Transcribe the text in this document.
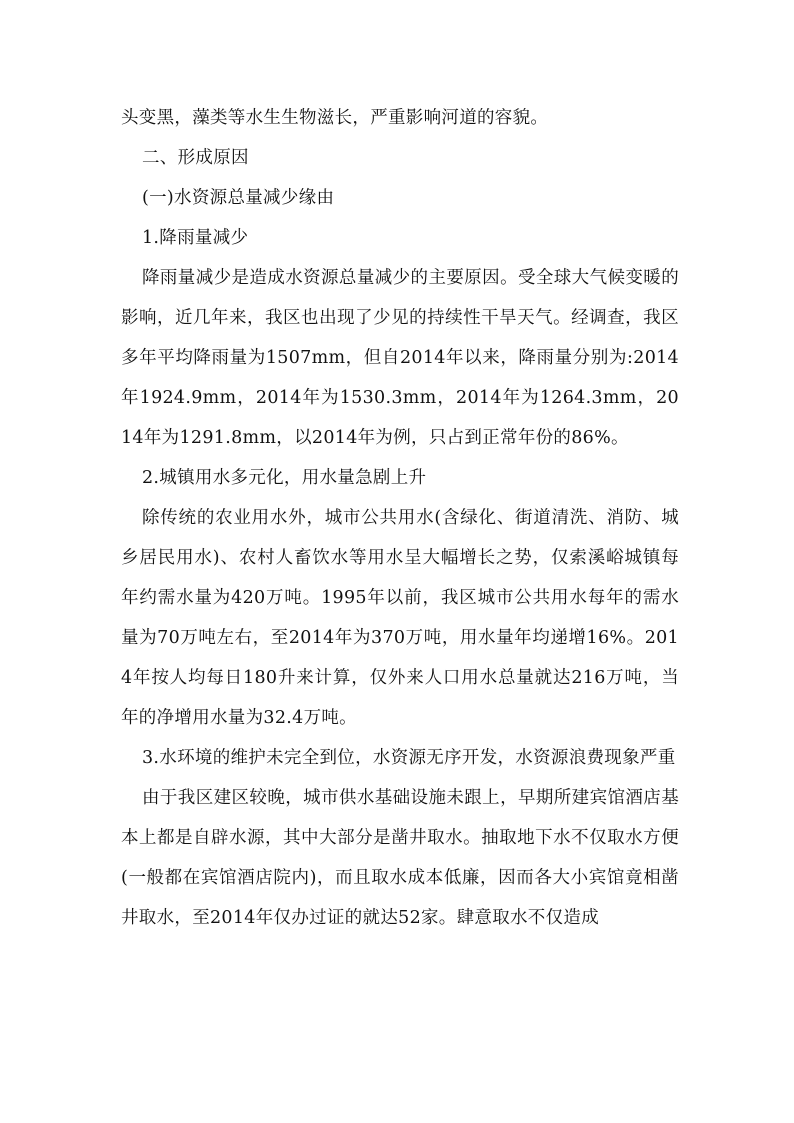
头变黑，藻类等水生生物滋长，严重影响河道的容貌。

二、形成原因

(一)水资源总量减少缘由

1.降雨量减少

降雨量减少是造成水资源总量减少的主要原因。受全球大气候变暖的影响，近几年来，我区也出现了少见的持续性干旱天气。经调查，我区多年平均降雨量为1507mm，但自2014年以来，降雨量分别为:2014年1924.9mm，2014年为1530.3mm，2014年为1264.3mm，2014年为1291.8mm，以2014年为例，只占到正常年份的86%。

2.城镇用水多元化，用水量急剧上升

除传统的农业用水外，城市公共用水(含绿化、街道清洗、消防、城乡居民用水)、农村人畜饮水等用水呈大幅增长之势，仅索溪峪城镇每年约需水量为420万吨。1995年以前，我区城市公共用水每年的需水量为70万吨左右，至2014年为370万吨，用水量年均递增16%。2014年按人均每日180升来计算，仅外来人口用水总量就达216万吨，当年的净增用水量为32.4万吨。

3.水环境的维护未完全到位，水资源无序开发，水资源浪费现象严重

由于我区建区较晚，城市供水基础设施未跟上，早期所建宾馆酒店基本上都是自辟水源，其中大部分是凿井取水。抽取地下水不仅取水方便(一般都在宾馆酒店院内)，而且取水成本低廉，因而各大小宾馆竟相凿井取水，至2014年仅办过证的就达52家。肆意取水不仅造成
